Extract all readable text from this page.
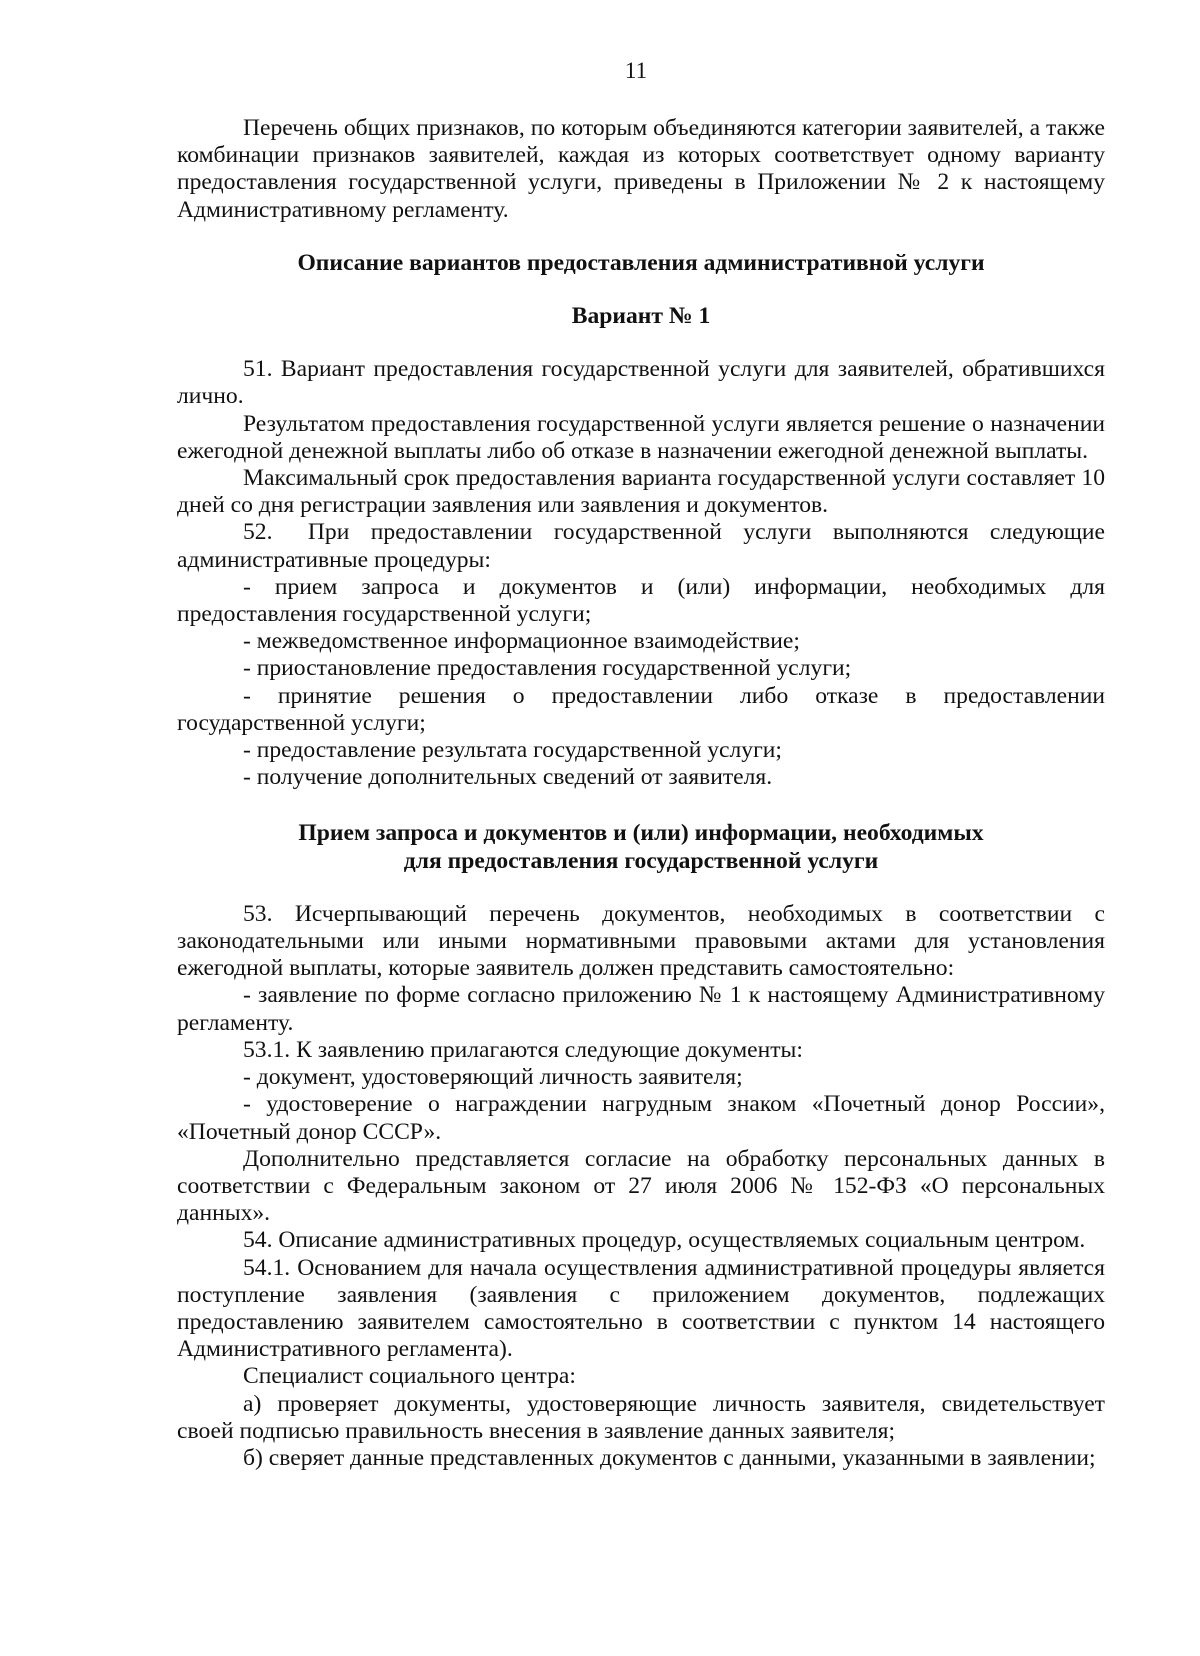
11

Перечень общих признаков, по которым объединяются категории заявителей, а также комбинации признаков заявителей, каждая из которых соответствует одному варианту предоставления государственной услуги, приведены в Приложении № 2 к настоящему Административному регламенту.

Описание вариантов предоставления административной услуги

Вариант № 1

51. Вариант предоставления государственной услуги для заявителей, обратившихся лично.

Результатом предоставления государственной услуги является решение о назначении ежегодной денежной выплаты либо об отказе в назначении ежегодной денежной выплаты.

Максимальный срок предоставления варианта государственной услуги составляет 10 дней со дня регистрации заявления или заявления и документов.

52.  При предоставлении государственной услуги выполняются следующие административные процедуры:

- прием запроса и документов и (или) информации, необходимых для предоставления государственной услуги;

- межведомственное информационное взаимодействие;

- приостановление предоставления государственной услуги;

- принятие решения о предоставлении либо отказе в предоставлении государственной услуги;

- предоставление результата государственной услуги;

- получение дополнительных сведений от заявителя.

Прием запроса и документов и (или) информации, необходимых
для предоставления государственной услуги

53. Исчерпывающий перечень документов, необходимых в соответствии с законодательными или иными нормативными правовыми актами для установления ежегодной выплаты, которые заявитель должен представить самостоятельно:

- заявление по форме согласно приложению № 1 к настоящему Административному регламенту.

53.1. К заявлению прилагаются следующие документы:

- документ, удостоверяющий личность заявителя;

- удостоверение о награждении нагрудным знаком «Почетный донор России», «Почетный донор СССР».

Дополнительно представляется согласие на обработку персональных данных в соответствии с Федеральным законом от 27 июля 2006 № 152-ФЗ «О персональных данных».

54. Описание административных процедур, осуществляемых социальным центром.

54.1. Основанием для начала осуществления административной процедуры является поступление заявления (заявления с приложением документов, подлежащих предоставлению заявителем самостоятельно в соответствии с пунктом 14 настоящего Административного регламента).

Специалист социального центра:

а) проверяет документы, удостоверяющие личность заявителя, свидетельствует своей подписью правильность внесения в заявление данных заявителя;

б) сверяет данные представленных документов с данными, указанными в заявлении;
